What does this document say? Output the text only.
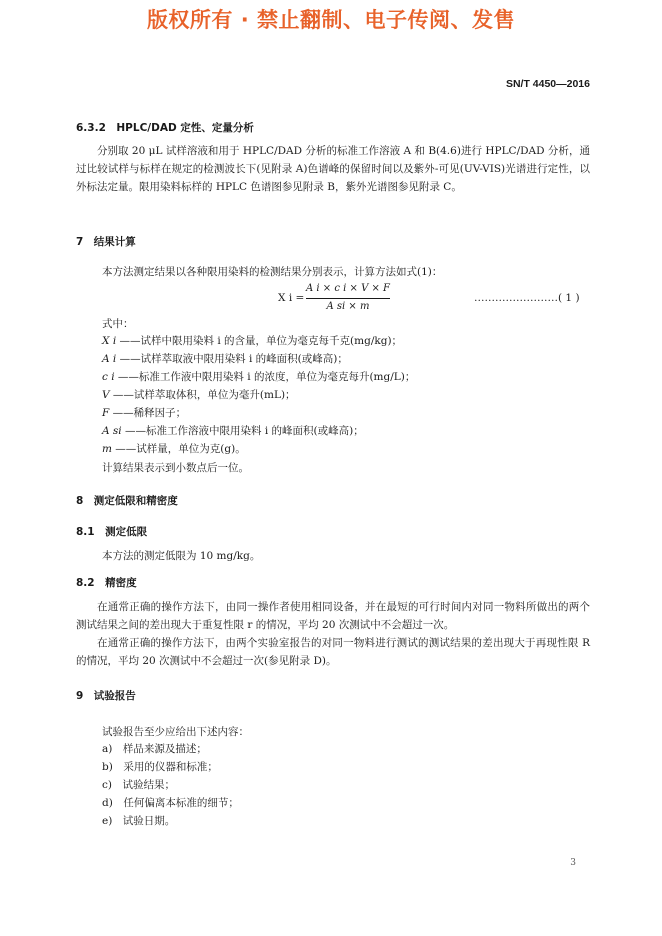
版权所有 · 禁止翻制、电子传阅、发售
SN/T 4450—2016
6.3.2　HPLC/DAD 定性、定量分析
分别取 20 μL 试样溶液和用于 HPLC/DAD 分析的标准工作溶液 A 和 B(4.6)进行 HPLC/DAD 分析，通过比较试样与标样在规定的检测波长下(见附录 A)色谱峰的保留时间以及紫外-可见(UV-VIS)光谱进行定性，以外标法定量。限用染料标样的 HPLC 色谱图参见附录 B，紫外光谱图参见附录 C。
7　结果计算
本方法测定结果以各种限用染料的检测结果分别表示，计算方法如式(1)：
X i =
A i × c i × V × F
A si × m
……………………( 1 )
式中：
X i ——试样中限用染料 i 的含量，单位为毫克每千克(mg/kg)；
A i ——试样萃取液中限用染料 i 的峰面积(或峰高)；
c i ——标准工作液中限用染料 i 的浓度，单位为毫克每升(mg/L)；
V ——试样萃取体积，单位为毫升(mL)；
F ——稀释因子；
A si ——标准工作溶液中限用染料 i 的峰面积(或峰高)；
m ——试样量，单位为克(g)。
计算结果表示到小数点后一位。
8　测定低限和精密度
8.1　测定低限
本方法的测定低限为 10 mg/kg。
8.2　精密度
在通常正确的操作方法下，由同一操作者使用相同设备，并在最短的可行时间内对同一物料所做出的两个测试结果之间的差出现大于重复性限 r 的情况，平均 20 次测试中不会超过一次。
在通常正确的操作方法下，由两个实验室报告的对同一物料进行测试的测试结果的差出现大于再现性限 R 的情况，平均 20 次测试中不会超过一次(参见附录 D)。
9　试验报告
试验报告至少应给出下述内容：
a)　样品来源及描述；
b)　采用的仪器和标准；
c)　试验结果；
d)　任何偏离本标准的细节；
e)　试验日期。
3
